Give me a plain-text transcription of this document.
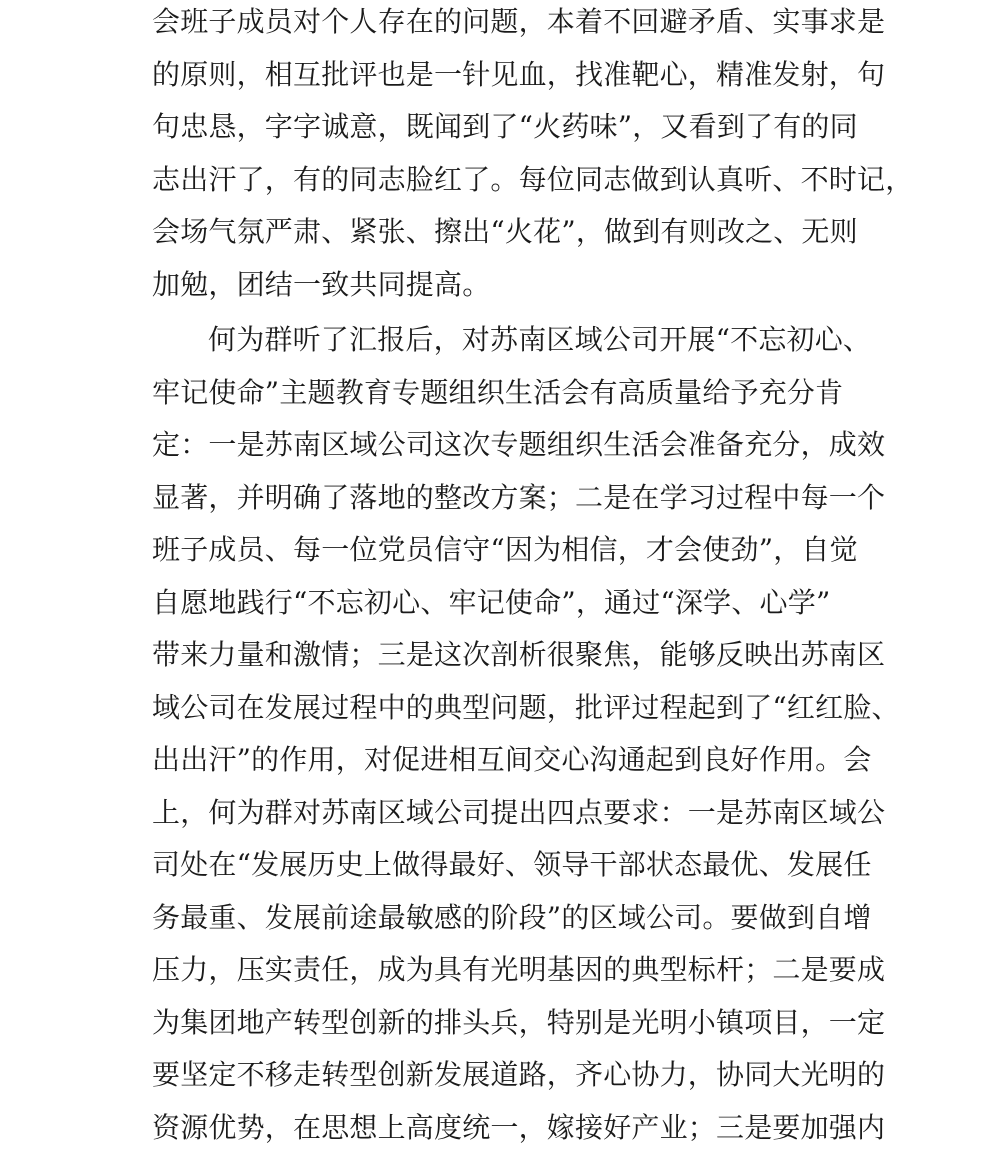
会班子成员对个人存在的问题，本着不回避矛盾、实事求是
的原则，相互批评也是一针见血，找准靶心，精准发射，句
句忠恳，字字诚意，既闻到了“火药味”，又看到了有的同
志出汗了，有的同志脸红了。每位同志做到认真听、不时记，
会场气氛严肃、紧张、擦出“火花”，做到有则改之、无则
加勉，团结一致共同提高。
何为群听了汇报后，对苏南区域公司开展“不忘初心、
牢记使命”主题教育专题组织生活会有高质量给予充分肯
定：一是苏南区域公司这次专题组织生活会准备充分，成效
显著，并明确了落地的整改方案；二是在学习过程中每一个
班子成员、每一位党员信守“因为相信，才会使劲”，自觉
自愿地践行“不忘初心、牢记使命”，通过“深学、心学”
带来力量和激情；三是这次剖析很聚焦，能够反映出苏南区
域公司在发展过程中的典型问题，批评过程起到了“红红脸、
出出汗”的作用，对促进相互间交心沟通起到良好作用。会
上，何为群对苏南区域公司提出四点要求：一是苏南区域公
司处在“发展历史上做得最好、领导干部状态最优、发展任
务最重、发展前途最敏感的阶段”的区域公司。要做到自增
压力，压实责任，成为具有光明基因的典型标杆；二是要成
为集团地产转型创新的排头兵，特别是光明小镇项目，一定
要坚定不移走转型创新发展道路，齐心协力，协同大光明的
资源优势，在思想上高度统一，嫁接好产业；三是要加强内
